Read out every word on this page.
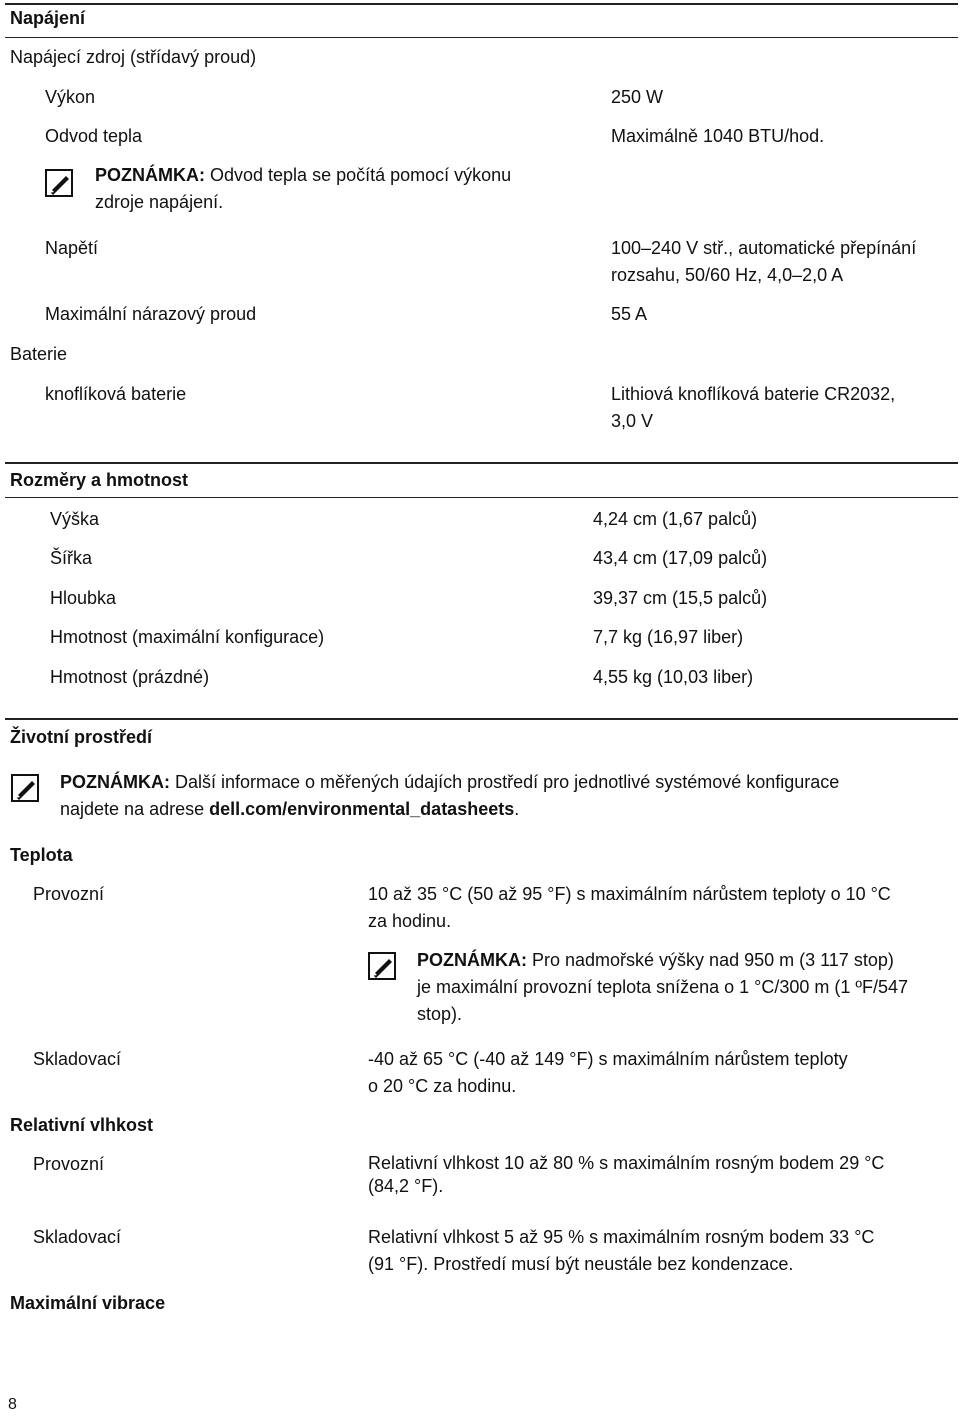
Napájení
Napájecí zdroj (střídavý proud)
Výkon	250 W
Odvod tepla	Maximálně 1040 BTU/hod.
POZNÁMKA: Odvod tepla se počítá pomocí výkonu
zdroje napájení.
Napětí	100–240 V stř., automatické přepínání
rozsahu, 50/60 Hz, 4,0–2,0 A
Maximální nárazový proud	55 A
Baterie
knoflíková baterie	Lithiová knoflíková baterie CR2032,
3,0 V
Rozměry a hmotnost
Výška	4,24 cm (1,67 palců)
Šířka	43,4 cm (17,09 palců)
Hloubka	39,37 cm (15,5 palců)
Hmotnost (maximální konfigurace)	7,7 kg (16,97 liber)
Hmotnost (prázdné)	4,55 kg (10,03 liber)
Životní prostředí
POZNÁMKA: Další informace o měřených údajích prostředí pro jednotlivé systémové konfigurace
najdete na adrese dell.com/environmental_datasheets.
Teplota
Provozní	10 až 35 °C (50 až 95 °F) s maximálním nárůstem teploty o 10 °C
za hodinu.
POZNÁMKA: Pro nadmořské výšky nad 950 m (3 117 stop)
je maximální provozní teplota snížena o 1 °C/300 m (1 ºF/547
stop).
Skladovací	-40 až 65 °C (-40 až 149 °F) s maximálním nárůstem teploty
o 20 °C za hodinu.
Relativní vlhkost
Provozní	Relativní vlhkost 10 až 80 % s maximálním rosným bodem 29 °C
(84,2 °F).
Skladovací	Relativní vlhkost 5 až 95 % s maximálním rosným bodem 33 °C
(91 °F). Prostředí musí být neustále bez kondenzace.
Maximální vibrace
8
